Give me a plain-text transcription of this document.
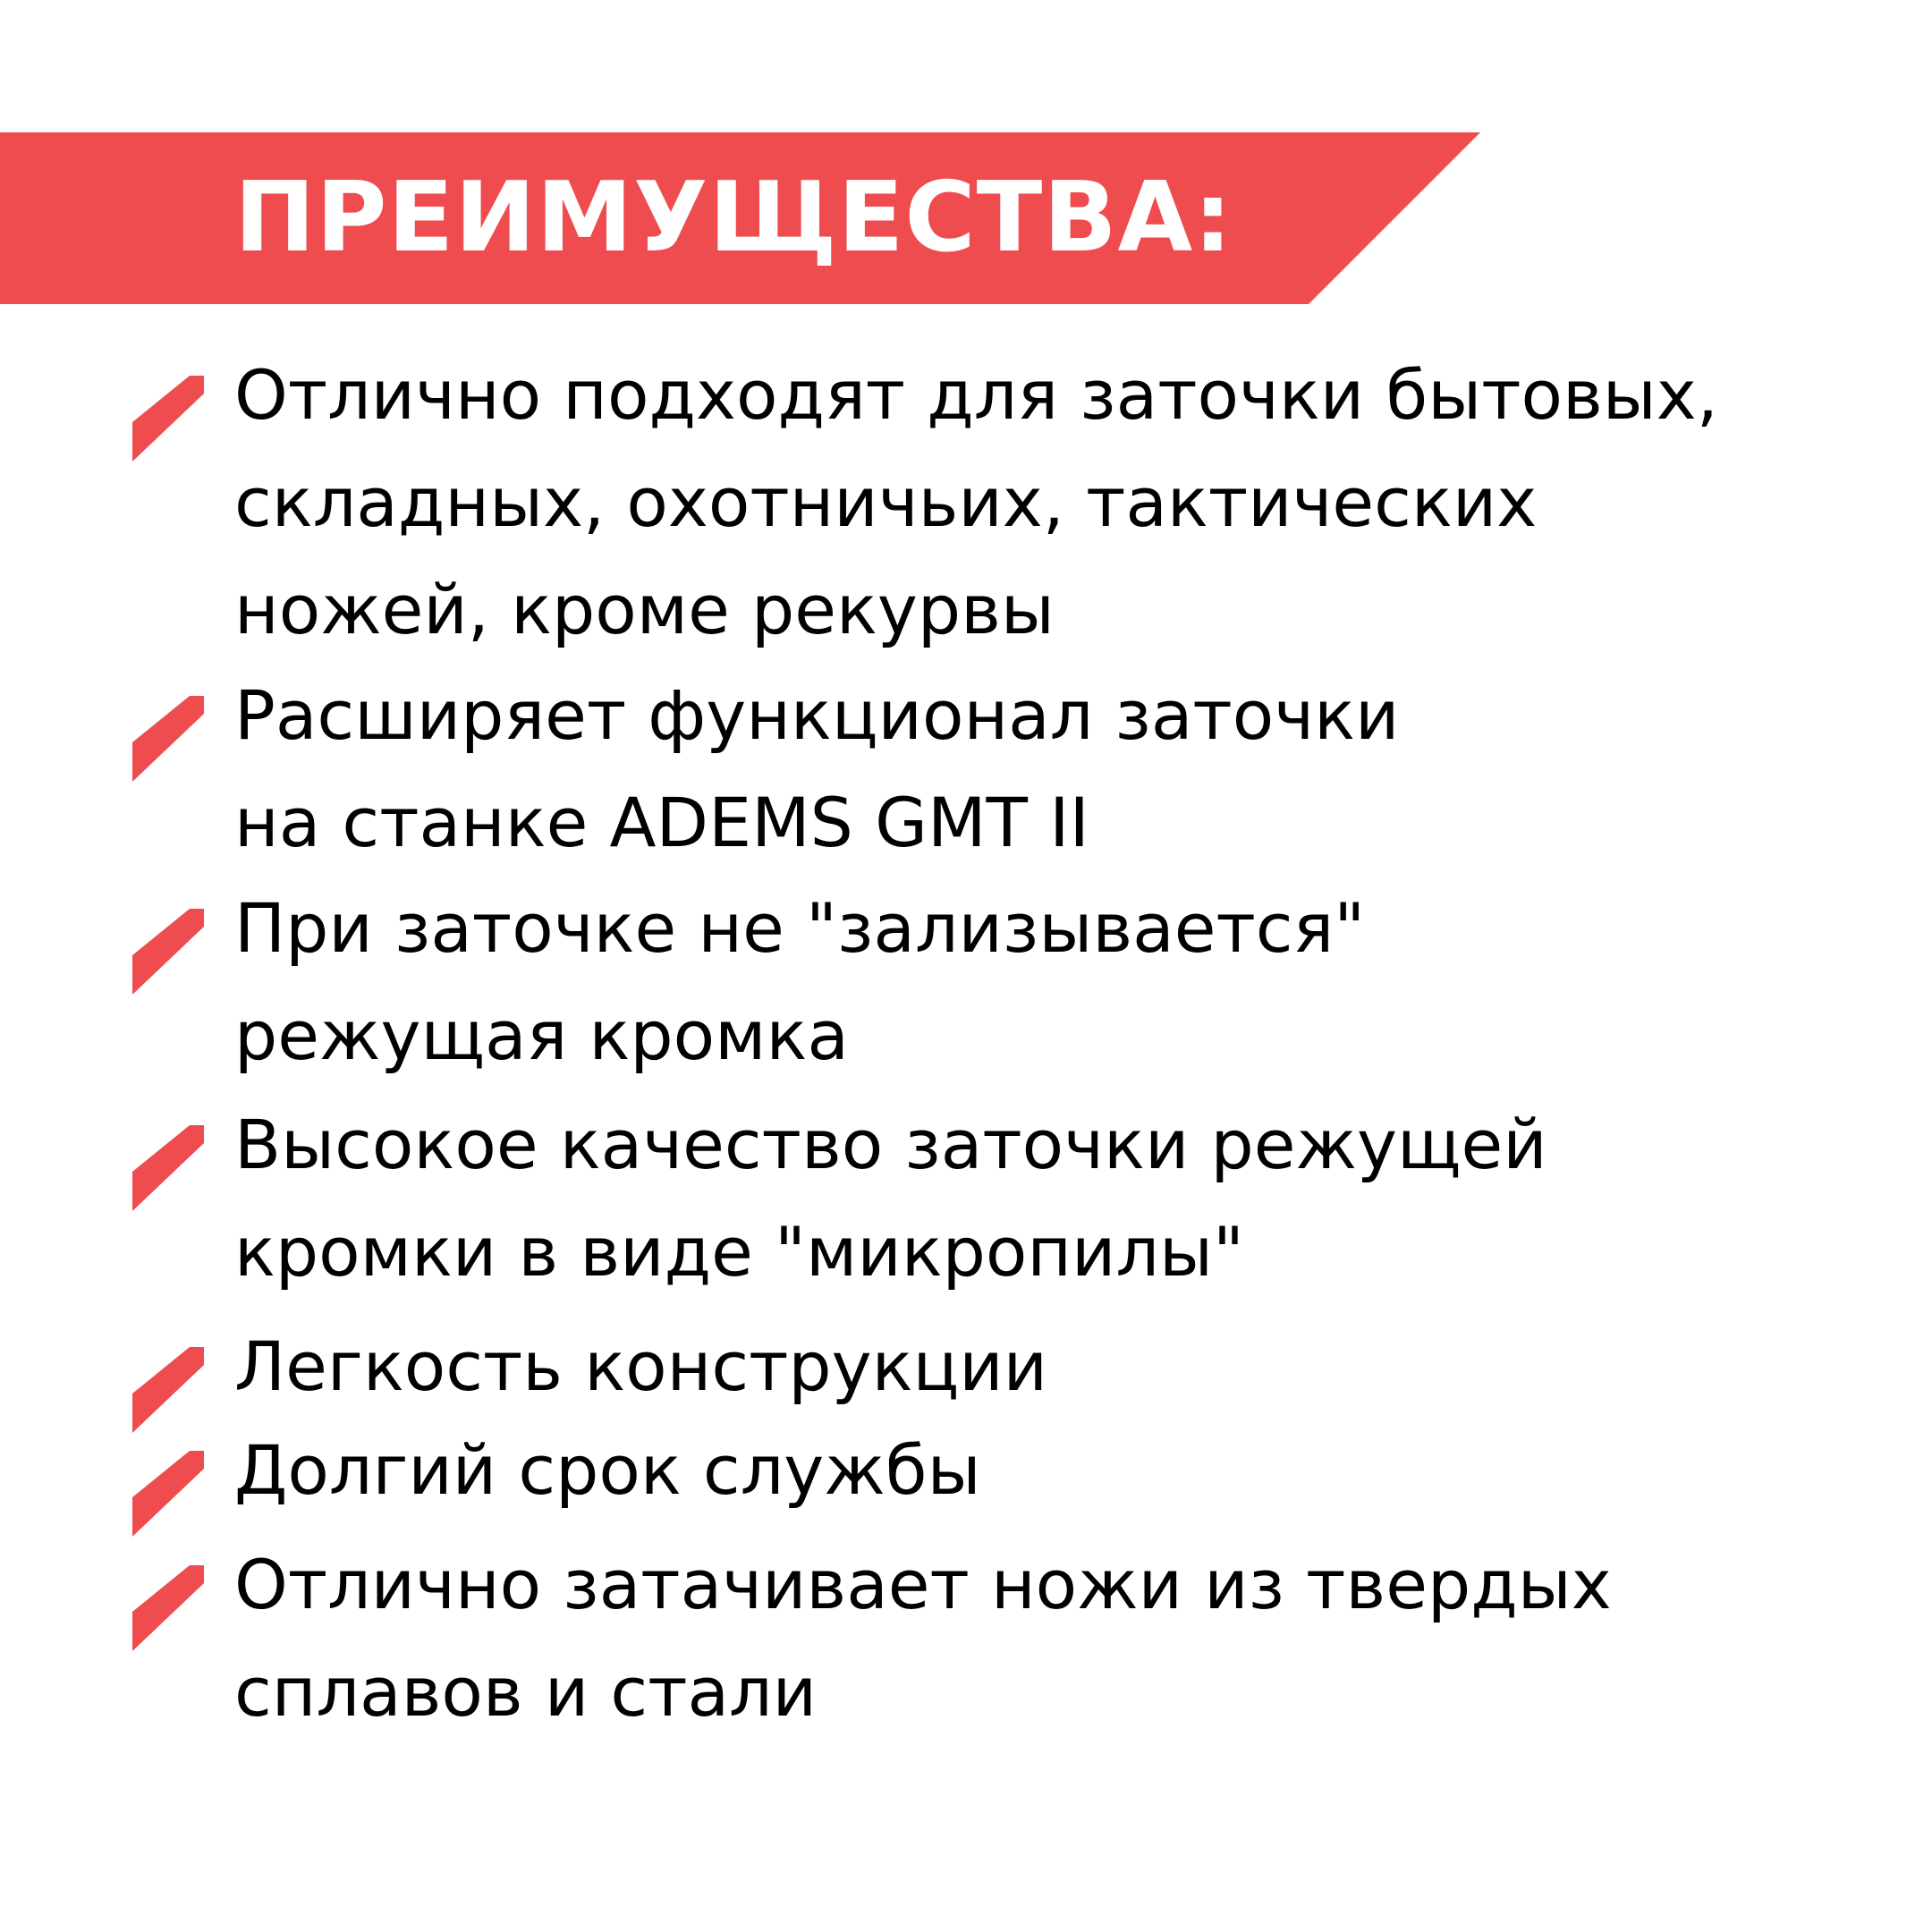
ПРЕИМУЩЕСТВА:
Отлично подходят для заточки бытовых,
складных, охотничьих, тактических
ножей, кроме рекурвы
Расширяет функционал заточки
на станке ADEMS GMT II
При заточке не "зализывается"
режущая кромка
Высокое качество заточки режущей
кромки в виде "микропилы"
Легкость конструкции
Долгий срок службы
Отлично затачивает ножи из твердых
сплавов и стали
